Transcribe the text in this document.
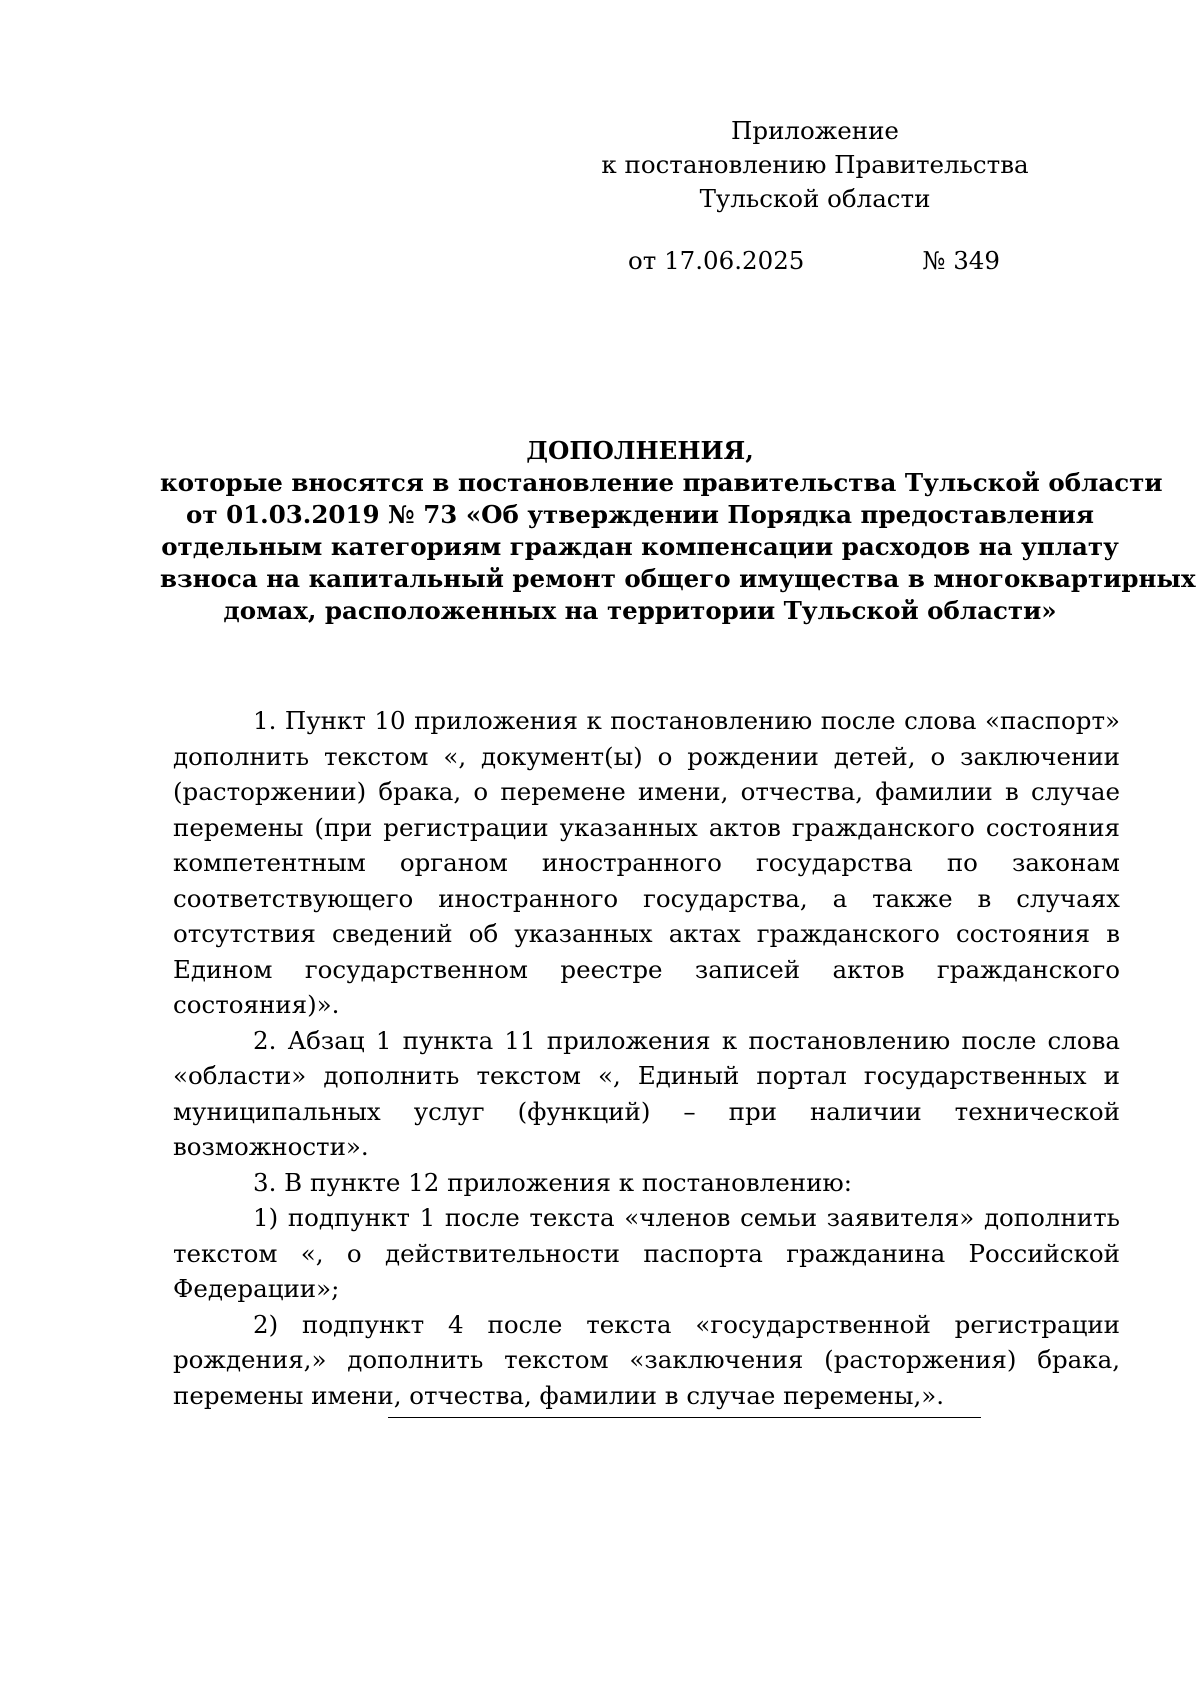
Приложение
к постановлению Правительства
Тульской области
от 17.06.2025	№ 349
ДОПОЛНЕНИЯ,
которые вносятся в постановление правительства Тульской области
от 01.03.2019 № 73 «Об утверждении Порядка предоставления
отдельным категориям граждан компенсации расходов на уплату
взноса на капитальный ремонт общего имущества в многоквартирных
домах, расположенных на территории Тульской области»

1. Пункт 10 приложения к постановлению после слова «паспорт» дополнить текстом «, документ(ы) о рождении детей, о заключении (расторжении) брака, о перемене имени, отчества, фамилии в случае перемены (при регистрации указанных актов гражданского состояния компетентным органом иностранного государства по законам соответствующего иностранного государства, а также в случаях отсутствия сведений об указанных актах гражданского состояния в Едином государственном реестре записей актов гражданского состояния)».

2. Абзац 1 пункта 11 приложения к постановлению после слова «области» дополнить текстом «, Единый портал государственных и муниципальных услуг (функций) – при наличии технической возможности».

3. В пункте 12 приложения к постановлению:

1) подпункт 1 после текста «членов семьи заявителя» дополнить текстом «, о действительности паспорта гражданина Российской Федерации»;

2) подпункт 4 после текста «государственной регистрации рождения,» дополнить текстом «заключения (расторжения) брака, перемены имени, отчества, фамилии в случае перемены,».
